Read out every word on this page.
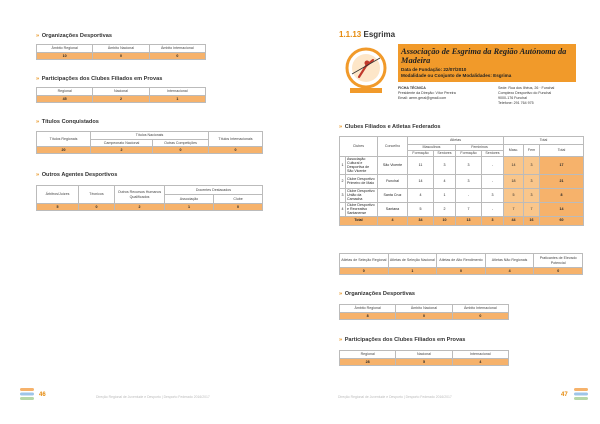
» Organizações Desportivas
Âmbito Regional	Âmbito Nacional	Âmbito Internacional
10	0	0
» Participações dos Clubes Filiados em Provas
Regional	Nacional	Internacional
45	2	1
» Títulos Conquistados
Títulos Regionais	Títulos Nacionais		Títulos Internacionais
	Campeonato Nacional	Outras Competições	
20	2	0	0
» Outros Agentes Desportivos
Árbitros/Juízes	Técnicos	Outros Recursos Humanos Qualificados	Docentes Destacados	
			Associação	Clube
5	0	2	1	0
46	Direção Regional de Juventude e Desporto | Desporto Federado 2016/2017
1.1.13 Esgrima
Associação de Esgrima da Região Autónoma da Madeira
Data de Fundação: 22/07/2010
Modalidade ou Conjunto de Modalidades: Esgrima
FICHA TÉCNICA
Presidente da Direção: Vítor Pereira
Email: aerm.geral@gmail.com
Sede: Rua dos Ilhéus, 26 · Funchal
Complexo Desportivo do Funchal
9000-176 Funchal
Telefone: 291 764 975
» Clubes Filiados e Atletas Federados
Clubes		Concelho	Atletas				Total		
			Masculinos		Femininos		Masc.	Fem	Total
			Formação	Seniores	Formação	Seniores			
1	Associação Cultural e Desportiva de São Vicente	São Vicente	11	3	3	-	14	3	17
2	Clube Desportivo Primeiro de Maio	Funchal	14	4	3	-	18	3	21
3	Clube Desportivo União da Camacha	Santa Cruz	4	1	-	3	5	3	8
4	Clube Desportivo e Recreativo Santanense	Santana	5	2	7	-	7	7	14
Total		4	34	10	13	3	44	16	60
Atletas de Seleção Regional	Atletas de Seleção Nacional	Atletas de Alto Rendimento	Atletas Não Regionais	Praticantes de Elevado Potencial
0	1	0	4	0
» Organizações Desportivas
Âmbito Regional	Âmbito Nacional	Âmbito Internacional
8	0	0
» Participações dos Clubes Filiados em Provas
Regional	Nacional	Internacional
28	5	4
Direção Regional de Juventude e Desporto | Desporto Federado 2016/2017	47
